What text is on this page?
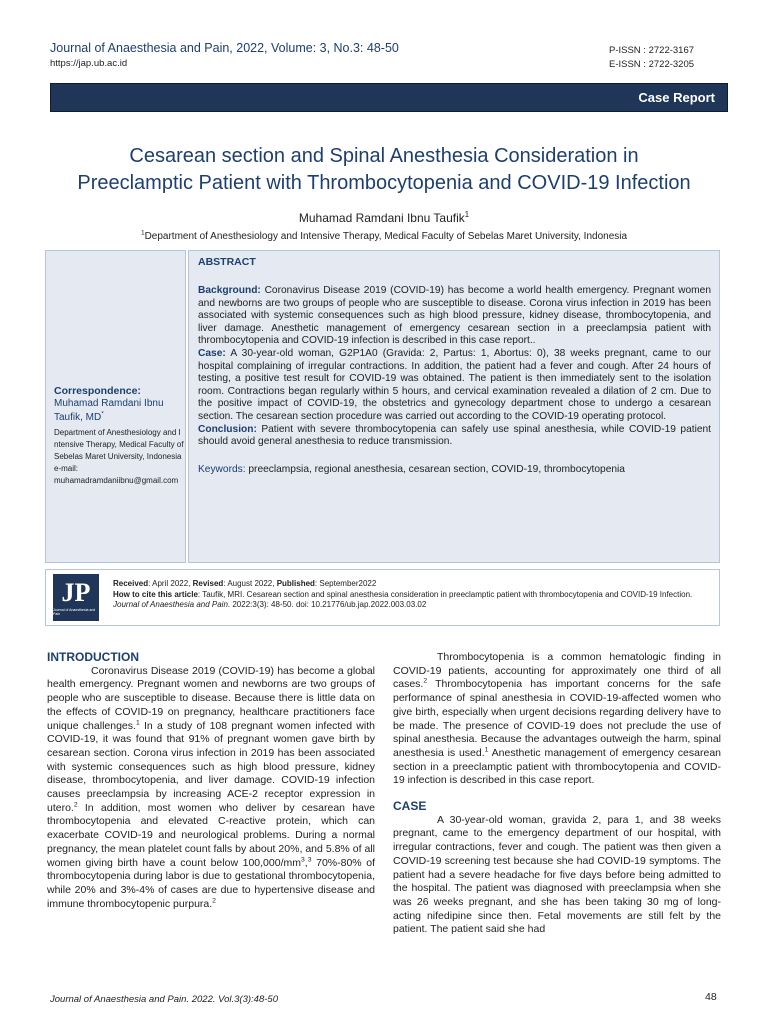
Journal of Anaesthesia and Pain, 2022, Volume: 3, No.3: 48-50
https://jap.ub.ac.id
P-ISSN : 2722-3167
E-ISSN : 2722-3205
Case Report
Cesarean section and Spinal Anesthesia Consideration in
Preeclamptic Patient with Thrombocytopenia and COVID-19 Infection
Muhamad Ramdani Ibnu Taufik$^1$
$^1$Department of Anesthesiology and Intensive Therapy, Medical Faculty of Sebelas Maret University, Indonesia
Correspondence:
Muhamad Ramdani Ibnu Taufik, MD*
Department of Anesthesiology and Intensive Therapy, Medical Faculty of Sebelas Maret University, Indonesia
e-mail:
muhamadramdaniibnu@gmail.com
ABSTRACT

Background: Coronavirus Disease 2019 (COVID-19) has become a world health emergency. Pregnant women and newborns are two groups of people who are susceptible to disease. Corona virus infection in 2019 has been associated with systemic consequences such as high blood pressure, kidney disease, thrombocytopenia, and liver damage. Anesthetic management of emergency cesarean section in a preeclampsia patient with thrombocytopenia and COVID-19 infection is described in this case report..

Case: A 30-year-old woman, G2P1A0 (Gravida: 2, Partus: 1, Abortus: 0), 38 weeks pregnant, came to our hospital complaining of irregular contractions. In addition, the patient had a fever and cough. After 24 hours of testing, a positive test result for COVID-19 was obtained. The patient is then immediately sent to the isolation room. Contractions began regularly within 5 hours, and cervical examination revealed a dilation of 2 cm. Due to the positive impact of COVID-19, the obstetrics and gynecology department chose to undergo a cesarean section. The cesarean section procedure was carried out according to the COVID-19 operating protocol.

Conclusion: Patient with severe thrombocytopenia can safely use spinal anesthesia, while COVID-19 patient should avoid general anesthesia to reduce transmission.

Keywords: preeclampsia, regional anesthesia, cesarean section, COVID-19, thrombocytopenia
JP
Journal of Anaesthesia and Pain
Received: April 2022, Revised: August 2022, Published: September2022
How to cite this article: Taufik, MRI. Cesarean section and spinal anesthesia consideration in preeclamptic patient with thrombocytopenia and COVID-19 Infection. Journal of Anaesthesia and Pain. 2022:3(3): 48-50. doi: 10.21776/ub.jap.2022.003.03.02

INTRODUCTION

Coronavirus Disease 2019 (COVID-19) has become a global health emergency. Pregnant women and newborns are two groups of people who are susceptible to disease. Because there is little data on the effects of COVID-19 on pregnancy, healthcare practitioners face unique challenges.$^1$ In a study of 108 pregnant women infected with COVID-19, it was found that 91% of pregnant women gave birth by cesarean section. Corona virus infection in 2019 has been associated with systemic consequences such as high blood pressure, kidney disease, thrombocytopenia, and liver damage. COVID-19 infection causes preeclampsia by increasing ACE-2 receptor expression in utero.$^2$ In addition, most women who deliver by cesarean have thrombocytopenia and elevated C-reactive protein, which can exacerbate COVID-19 and neurological problems. During a normal pregnancy, the mean platelet count falls by about 20%, and 5.8% of all women giving birth have a count below $100,000/mm^3,^3$ 70%-80% of thrombocytopenia during labor is due to gestational thrombocytopenia, while 20% and 3%-4% of cases are due to hypertensive disease and immune thrombocytopenic purpura.$^2$

Thrombocytopenia is a common hematologic finding in COVID-19 patients, accounting for approximately one third of all cases.$^2$ Thrombocytopenia has important concerns for the safe performance of spinal anesthesia in COVID-19-affected women who give birth, especially when urgent decisions regarding delivery have to be made. The presence of COVID-19 does not preclude the use of spinal anesthesia. Because the advantages outweigh the harm, spinal anesthesia is used.$^1$ Anesthetic management of emergency cesarean section in a preeclamptic patient with thrombocytopenia and COVID-19 infection is described in this case report.

CASE

A 30-year-old woman, gravida 2, para 1, and 38 weeks pregnant, came to the emergency department of our hospital, with irregular contractions, fever and cough. The patient was then given a COVID-19 screening test because she had COVID-19 symptoms. The patient had a severe headache for five days before being admitted to the hospital. The patient was diagnosed with preeclampsia when she was 26 weeks pregnant, and she has been taking 30 mg of long-acting nifedipine since then. Fetal movements are still felt by the patient. The patient said she had

Journal of Anaesthesia and Pain. 2022. Vol.3(3):48-50	48
